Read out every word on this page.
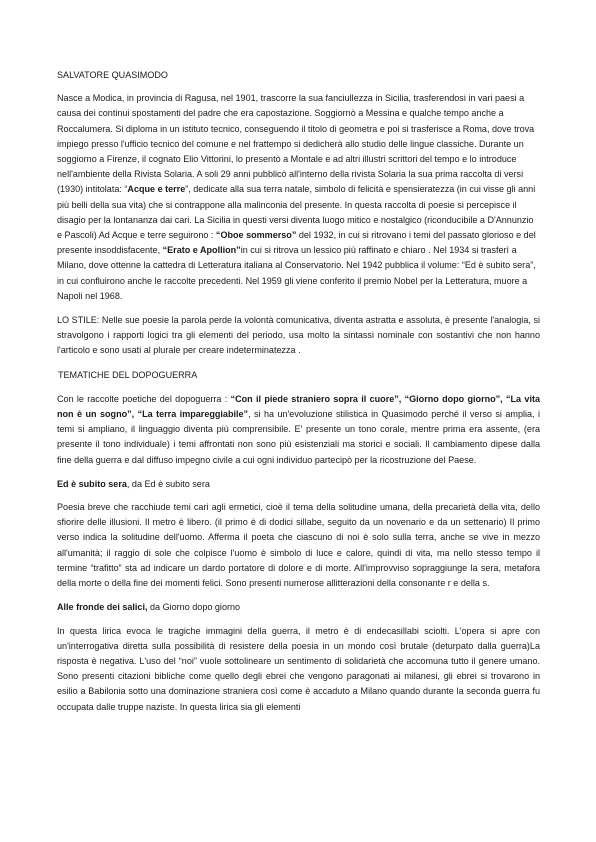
SALVATORE QUASIMODO

Nasce a Modica, in provincia di Ragusa, nel 1901, trascorre la sua fanciullezza in Sicilia, trasferendosi in vari paesi a causa dei continui spostamenti del padre che era capostazione. Soggiornò a Messina e qualche tempo anche a Roccalumera. Si diploma in un istituto tecnico, conseguendo il titolo di geometra e poi si trasferisce a Roma, dove trova impiego presso l'ufficio tecnico del comune e nel frattempo si dedicherà allo studio delle lingue classiche. Durante un soggiorno a Firenze, il cognato Elio Vittorini, lo presentò a Montale e ad altri illustri scrittori del tempo e lo introduce nell'ambiente della Rivista Solaria. A soli 29 anni pubblicò all'interno della rivista Solaria la sua prima raccolta di versi (1930) intitolata: “Acque e terre”, dedicate alla sua terra natale, simbolo di felicità e spensieratezza (in cui visse gli anni più belli della sua vita) che si contrappone alla malinconia del presente. In questa raccolta di poesie si percepisce il disagio per la lontananza dai cari. La Sicilia in questi versi diventa luogo mitico e nostalgico (riconducibile a D'Annunzio e Pascoli) Ad Acque e terre seguirono : “Oboe sommerso” del 1932, in cui si ritrovano i temi del passato glorioso e del presente insoddisfacente, “Erato e Apollion”in cui si ritrova un lessico più raffinato e chiaro . Nel 1934 si trasferì a Milano, dove ottenne la cattedra di Letteratura italiana al Conservatorio. Nel 1942 pubblica il volume: “Ed è subito sera”, in cui confluirono anche le raccolte precedenti. Nel 1959 gli viene conferito il premio Nobel per la Letteratura, muore a Napoli nel 1968.

LO STILE: Nelle sue poesie la parola perde la volontà comunicativa, diventa astratta e assoluta, è presente l'analogia, si stravolgono i rapporti logici tra gli elementi del periodo, usa molto la sintassi nominale con sostantivi che non hanno l'articolo e sono usati al plurale per creare indeterminatezza .

TEMATICHE DEL DOPOGUERRA

Con le raccolte poetiche del dopoguerra : “Con il piede straniero sopra il cuore”, “Giorno dopo giorno”, “La vita non è un sogno”, “La terra impareggiabile”, si ha un'evoluzione stilistica in Quasimodo perché il verso si amplia, i temi si ampliano, il linguaggio diventa più comprensibile. E' presente un tono corale, mentre prima era assente, (era presente il tono individuale) i temi affrontati non sono più esistenziali ma storici e sociali. Il cambiamento dipese dalla fine della guerra e dal diffuso impegno civile a cui ogni individuo partecipò per la ricostruzione del Paese.

Ed è subito sera, da Ed è subito sera

Poesia breve che racchiude temi cari agli ermetici, cioè il tema della solitudine umana, della precarietà della vita, dello sfiorire delle illusioni. Il metro è libero. (il primo è di dodici sillabe, seguito da un novenario e da un settenario) Il primo verso indica la solitudine dell'uomo. Afferma il poeta che ciascuno di noi è solo sulla terra, anche se vive in mezzo all'umanità; il raggio di sole che colpisce l'uomo è simbolo di luce e calore, quindi di vita, ma nello stesso tempo il termine “trafitto” sta ad indicare un dardo portatore di dolore e di morte. All'improvviso sopraggiunge la sera, metafora della morte o della fine dei momenti felici. Sono presenti numerose allitterazioni della consonante r e della s.

Alle fronde dei salici, da Giorno dopo giorno

In questa lirica evoca le tragiche immagini della guerra, il metro è di endecasillabi sciolti. L'opera si apre con un'interrogativa diretta sulla possibilità di resistere della poesia in un mondo così brutale (deturpato dalla guerra)La risposta è negativa. L'uso del “noi” vuole sottolineare un sentimento di solidarietà che accomuna tutto il genere umano. Sono presenti citazioni bibliche come quello degli ebrei che vengono paragonati ai milanesi, gli ebrei si trovarono in esilio a Babilonia sotto una dominazione straniera così come è accaduto a Milano quando durante la seconda guerra fu occupata dalle truppe naziste. In questa lirica sia gli elementi
